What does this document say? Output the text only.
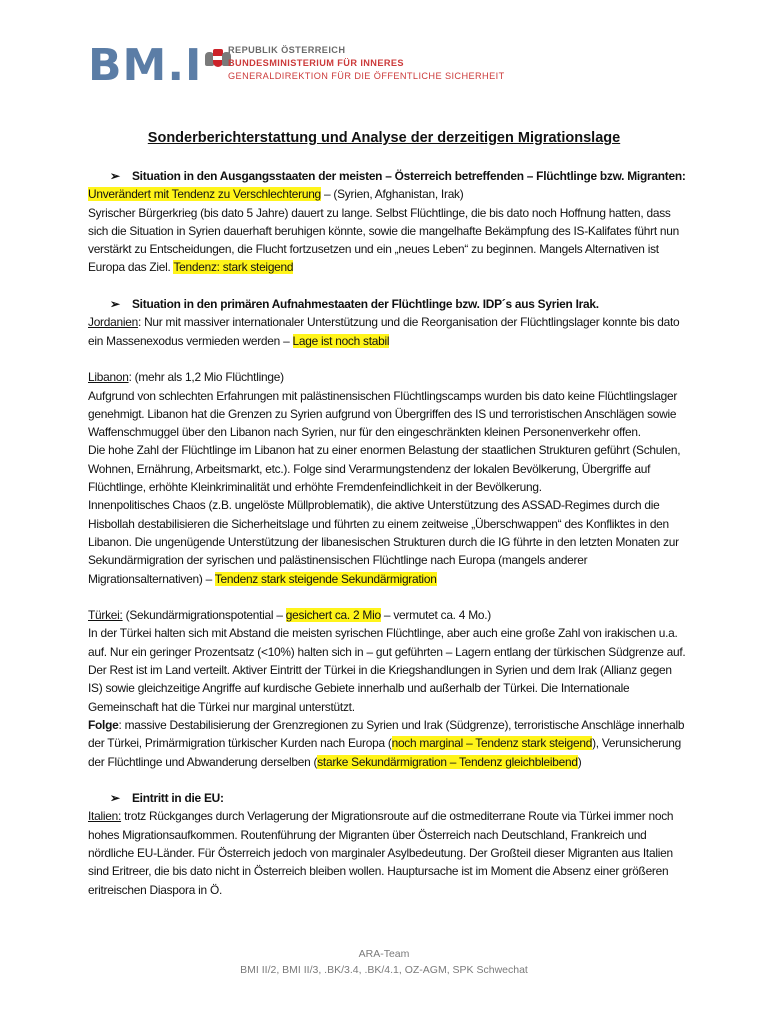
BM.I	REPUBLIK ÖSTERREICH
BUNDESMINISTERIUM FÜR INNERES
GENERALDIREKTION FÜR DIE ÖFFENTLICHE SICHERHEIT
Sonderberichterstattung und Analyse der derzeitigen Migrationslage
➢ Situation in den Ausgangsstaaten der meisten – Österreich betreffenden – Flüchtlinge bzw. Migranten:

Unverändert mit Tendenz zu Verschlechterung – (Syrien, Afghanistan, Irak)

Syrischer Bürgerkrieg (bis dato 5 Jahre) dauert zu lange. Selbst Flüchtlinge, die bis dato noch Hoffnung hatten, dass sich die Situation in Syrien dauerhaft beruhigen könnte, sowie die mangelhafte Bekämpfung des IS-Kalifates führt nun verstärkt zu Entscheidungen, die Flucht fortzusetzen und ein „neues Leben“ zu beginnen. Mangels Alternativen ist Europa das Ziel. Tendenz: stark steigend

➢ Situation in den primären Aufnahmestaaten der Flüchtlinge bzw. IDP´s aus Syrien Irak.

Jordanien: Nur mit massiver internationaler Unterstützung und die Reorganisation der Flüchtlingslager konnte bis dato ein Massenexodus vermieden werden – Lage ist noch stabil

Libanon: (mehr als 1,2 Mio Flüchtlinge)

Aufgrund von schlechten Erfahrungen mit palästinensischen Flüchtlingscamps wurden bis dato keine Flüchtlingslager genehmigt. Libanon hat die Grenzen zu Syrien aufgrund von Übergriffen des IS und terroristischen Anschlägen sowie Waffenschmuggel über den Libanon nach Syrien, nur für den eingeschränkten kleinen Personenverkehr offen.

Die hohe Zahl der Flüchtlinge im Libanon hat zu einer enormen Belastung der staatlichen Strukturen geführt (Schulen, Wohnen, Ernährung, Arbeitsmarkt, etc.). Folge sind Verarmungstendenz der lokalen Bevölkerung, Übergriffe auf Flüchtlinge, erhöhte Kleinkriminalität und erhöhte Fremdenfeindlichkeit in der Bevölkerung.

Innenpolitisches Chaos (z.B. ungelöste Müllproblematik), die aktive Unterstützung des ASSAD-Regimes durch die Hisbollah destabilisieren die Sicherheitslage und führten zu einem zeitweise „Überschwappen“ des Konfliktes in den Libanon. Die ungenügende Unterstützung der libanesischen Strukturen durch die IG führte in den letzten Monaten zur Sekundärmigration der syrischen und palästinensischen Flüchtlinge nach Europa (mangels anderer Migrationsalternativen) – Tendenz stark steigende Sekundärmigration

Türkei: (Sekundärmigrationspotential – gesichert ca. 2 Mio – vermutet ca. 4 Mo.)

In der Türkei halten sich mit Abstand die meisten syrischen Flüchtlinge, aber auch eine große Zahl von irakischen u.a. auf. Nur ein geringer Prozentsatz (<10%) halten sich in – gut geführten – Lagern entlang der türkischen Südgrenze auf. Der Rest ist im Land verteilt. Aktiver Eintritt der Türkei in die Kriegshandlungen in Syrien und dem Irak (Allianz gegen IS) sowie gleichzeitige Angriffe auf kurdische Gebiete innerhalb und außerhalb der Türkei. Die Internationale Gemeinschaft hat die Türkei nur marginal unterstützt.

Folge: massive Destabilisierung der Grenzregionen zu Syrien und Irak (Südgrenze), terroristische Anschläge innerhalb der Türkei, Primärmigration türkischer Kurden nach Europa (noch marginal – Tendenz stark steigend), Verunsicherung der Flüchtlinge und Abwanderung derselben (starke Sekundärmigration – Tendenz gleichbleibend)

➢ Eintritt in die EU:

Italien: trotz Rückganges durch Verlagerung der Migrationsroute auf die ostmediterrane Route via Türkei immer noch hohes Migrationsaufkommen. Routenführung der Migranten über Österreich nach Deutschland, Frankreich und nördliche EU-Länder. Für Österreich jedoch von marginaler Asylbedeutung. Der Großteil dieser Migranten aus Italien sind Eritreer, die bis dato nicht in Österreich bleiben wollen. Hauptursache ist im Moment die Absenz einer größeren eritreischen Diaspora in Ö.

ARA-Team
BMI II/2, BMI II/3, .BK/3.4, .BK/4.1, OZ-AGM, SPK Schwechat
